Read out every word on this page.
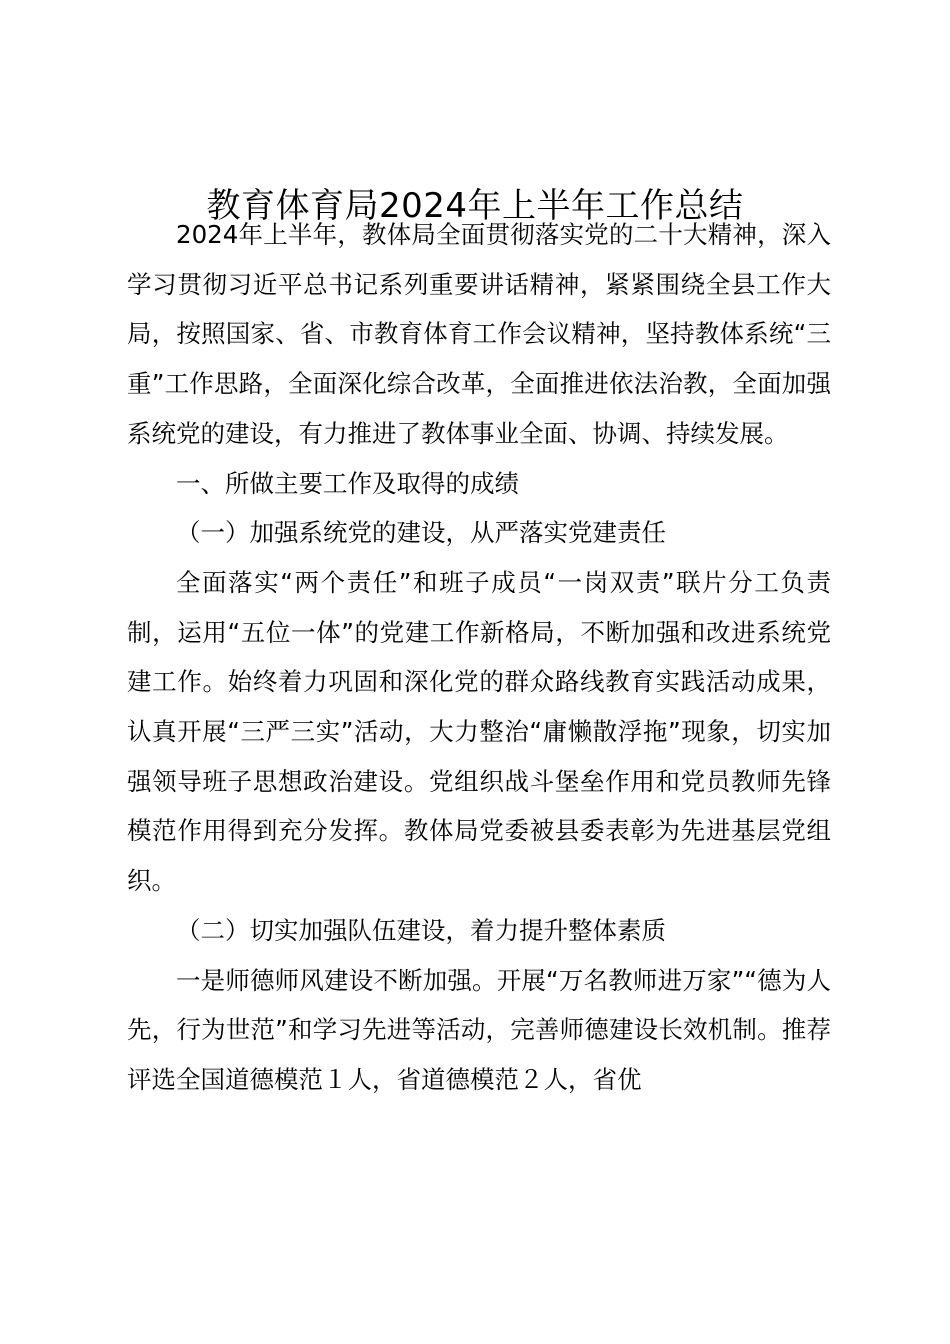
教育体育局2024年上半年工作总结

2024年上半年，教体局全面贯彻落实党的二十大精神，深入学习贯彻习近平总书记系列重要讲话精神，紧紧围绕全县工作大局，按照国家、省、市教育体育工作会议精神，坚持教体系统“三重”工作思路，全面深化综合改革，全面推进依法治教，全面加强系统党的建设，有力推进了教体事业全面、协调、持续发展。

一、所做主要工作及取得的成绩

（一）加强系统党的建设，从严落实党建责任

全面落实“两个责任”和班子成员“一岗双责”联片分工负责制，运用“五位一体”的党建工作新格局，不断加强和改进系统党建工作。始终着力巩固和深化党的群众路线教育实践活动成果，认真开展“三严三实”活动，大力整治“庸懒散浮拖”现象，切实加强领导班子思想政治建设。党组织战斗堡垒作用和党员教师先锋模范作用得到充分发挥。教体局党委被县委表彰为先进基层党组织。

（二）切实加强队伍建设，着力提升整体素质

一是师德师风建设不断加强。开展“万名教师进万家”“德为人先，行为世范”和学习先进等活动，完善师德建设长效机制。推荐评选全国道德模范１人，省道德模范２人，省优
